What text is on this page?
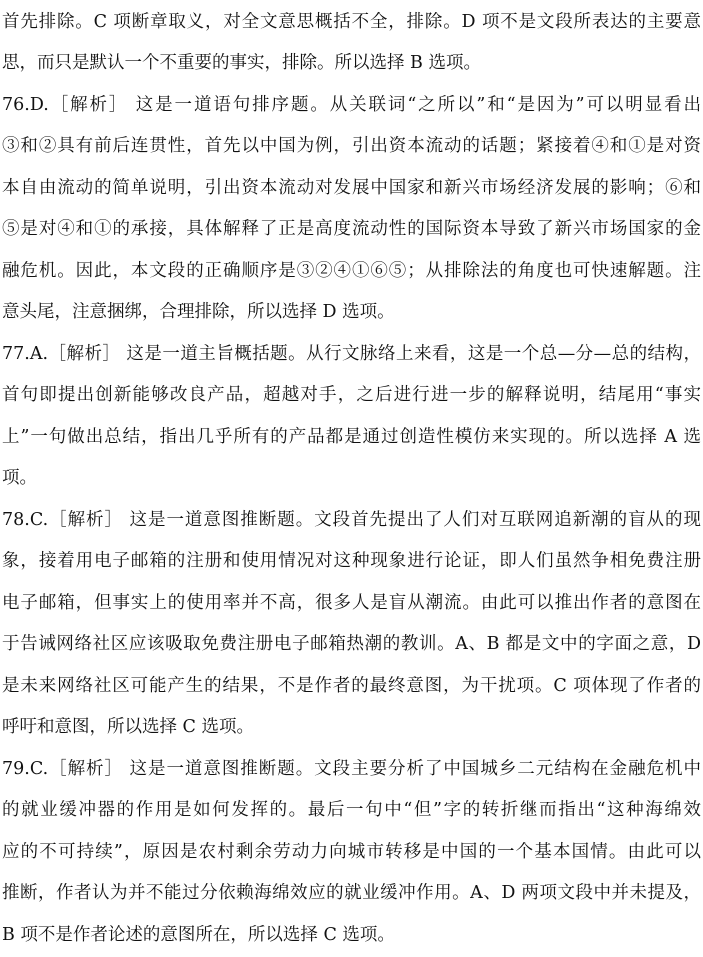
首先排除。C 项断章取义，对全文意思概括不全，排除。D 项不是文段所表达的主要意
思，而只是默认一个不重要的事实，排除。所以选择 B 选项。
76.D.［解析］ 这是一道语句排序题。从关联词“之所以”和“是因为”可以明显看出
③和②具有前后连贯性，首先以中国为例，引出资本流动的话题；紧接着④和①是对资
本自由流动的简单说明，引出资本流动对发展中国家和新兴市场经济发展的影响；⑥和
⑤是对④和①的承接，具体解释了正是高度流动性的国际资本导致了新兴市场国家的金
融危机。因此，本文段的正确顺序是③②④①⑥⑤；从排除法的角度也可快速解题。注
意头尾，注意捆绑，合理排除，所以选择 D 选项。
77.A.［解析］ 这是一道主旨概括题。从行文脉络上来看，这是一个总—分—总的结构，
首句即提出创新能够改良产品，超越对手，之后进行进一步的解释说明，结尾用“事实
上”一句做出总结，指出几乎所有的产品都是通过创造性模仿来实现的。所以选择 A 选
项。
78.C.［解析］ 这是一道意图推断题。文段首先提出了人们对互联网追新潮的盲从的现
象，接着用电子邮箱的注册和使用情况对这种现象进行论证，即人们虽然争相免费注册
电子邮箱，但事实上的使用率并不高，很多人是盲从潮流。由此可以推出作者的意图在
于告诫网络社区应该吸取免费注册电子邮箱热潮的教训。A、B 都是文中的字面之意，D
是未来网络社区可能产生的结果，不是作者的最终意图，为干扰项。C 项体现了作者的
呼吁和意图，所以选择 C 选项。
79.C.［解析］ 这是一道意图推断题。文段主要分析了中国城乡二元结构在金融危机中
的就业缓冲器的作用是如何发挥的。最后一句中“但”字的转折继而指出“这种海绵效
应的不可持续”，原因是农村剩余劳动力向城市转移是中国的一个基本国情。由此可以
推断，作者认为并不能过分依赖海绵效应的就业缓冲作用。A、D 两项文段中并未提及，
B 项不是作者论述的意图所在，所以选择 C 选项。
